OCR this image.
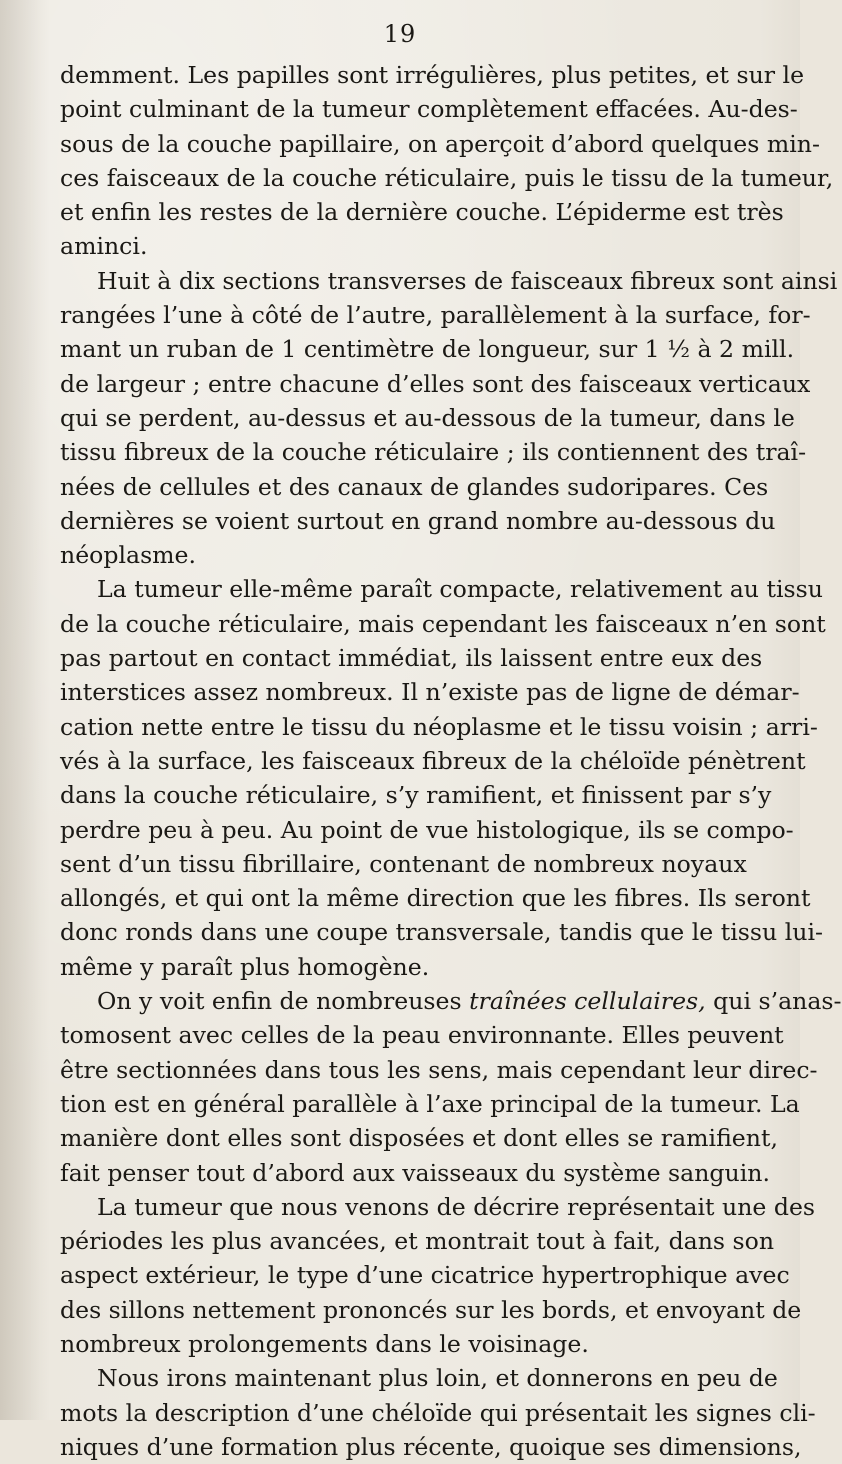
19
demment. Les papilles sont irrégulières, plus petites, et sur le
point culminant de la tumeur complètement effacées. Au-des-
sous de la couche papillaire, on aperçoit d’abord quelques min-
ces faisceaux de la couche réticulaire, puis le tissu de la tumeur,
et enfin les restes de la dernière couche. L’épiderme est très
aminci.
Huit à dix sections transverses de faisceaux fibreux sont ainsi
rangées l’une à côté de l’autre, parallèlement à la surface, for-
mant un ruban de 1 centimètre de longueur, sur 1 ½ à 2 mill.
de largeur ; entre chacune d’elles sont des faisceaux verticaux
qui se perdent, au-dessus et au-dessous de la tumeur, dans le
tissu fibreux de la couche réticulaire ; ils contiennent des traî-
nées de cellules et des canaux de glandes sudoripares. Ces
dernières se voient surtout en grand nombre au-dessous du
néoplasme.
La tumeur elle-même paraît compacte, relativement au tissu
de la couche réticulaire, mais cependant les faisceaux n’en sont
pas partout en contact immédiat, ils laissent entre eux des
interstices assez nombreux. Il n’existe pas de ligne de démar-
cation nette entre le tissu du néoplasme et le tissu voisin ; arri-
vés à la surface, les faisceaux fibreux de la chéloïde pénètrent
dans la couche réticulaire, s’y ramifient, et finissent par s’y
perdre peu à peu. Au point de vue histologique, ils se compo-
sent d’un tissu fibrillaire, contenant de nombreux noyaux
allongés, et qui ont la même direction que les fibres. Ils seront
donc ronds dans une coupe transversale, tandis que le tissu lui-
même y paraît plus homogène.
On y voit enfin de nombreuses traînées cellulaires, qui s’anas-
tomosent avec celles de la peau environnante. Elles peuvent
être sectionnées dans tous les sens, mais cependant leur direc-
tion est en général parallèle à l’axe principal de la tumeur. La
manière dont elles sont disposées et dont elles se ramifient,
fait penser tout d’abord aux vaisseaux du système sanguin.
La tumeur que nous venons de décrire représentait une des
périodes les plus avancées, et montrait tout à fait, dans son
aspect extérieur, le type d’une cicatrice hypertrophique avec
des sillons nettement prononcés sur les bords, et envoyant de
nombreux prolongements dans le voisinage.
Nous irons maintenant plus loin, et donnerons en peu de
mots la description d’une chéloïde qui présentait les signes cli-
niques d’une formation plus récente, quoique ses dimensions,
